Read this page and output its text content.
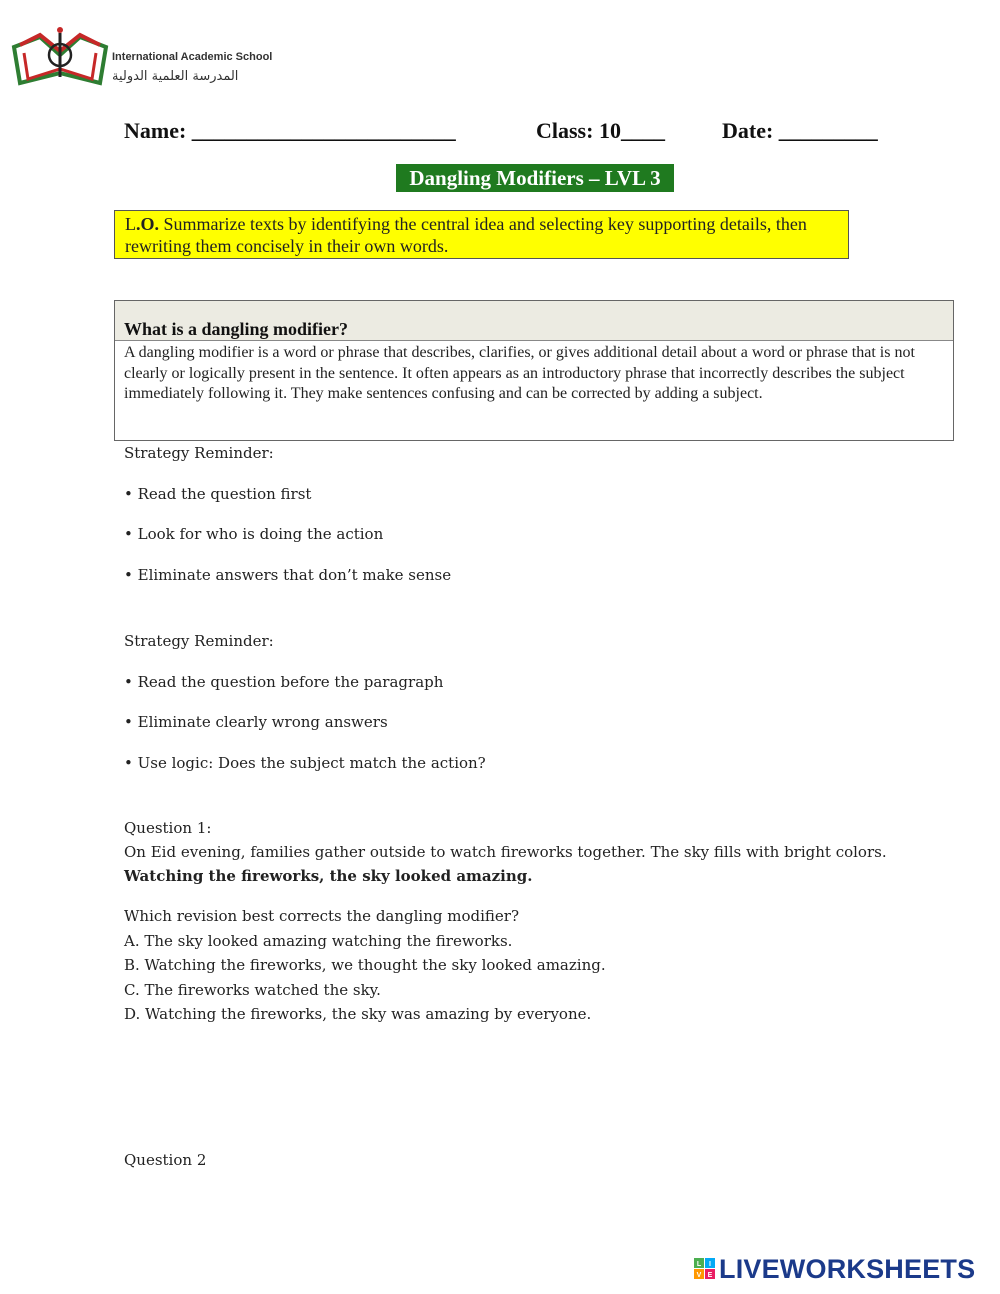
International Academic School
المدرسة العلمية الدولية
Name: ________________________	Class: 10____	Date: _________
Dangling Modifiers – LVL 3
L.O. Summarize texts by identifying the central idea and selecting key supporting details, then rewriting them concisely in their own words.
What is a dangling modifier?
A dangling modifier is a word or phrase that describes, clarifies, or gives additional detail about a word or phrase that is not clearly or logically present in the sentence. It often appears as an introductory phrase that incorrectly describes the subject immediately following it. They make sentences confusing and can be corrected by adding a subject.
Strategy Reminder:
• Read the question first
• Look for who is doing the action
• Eliminate answers that don’t make sense
Strategy Reminder:
• Read the question before the paragraph
• Eliminate clearly wrong answers
• Use logic: Does the subject match the action?
Question 1:
On Eid evening, families gather outside to watch fireworks together. The sky fills with bright colors.
Watching the fireworks, the sky looked amazing.
Which revision best corrects the dangling modifier?
A. The sky looked amazing watching the fireworks.
B. Watching the fireworks, we thought the sky looked amazing.
C. The fireworks watched the sky.
D. Watching the fireworks, the sky was amazing by everyone.
Question 2
L I
V E LIVEWORKSHEETS
